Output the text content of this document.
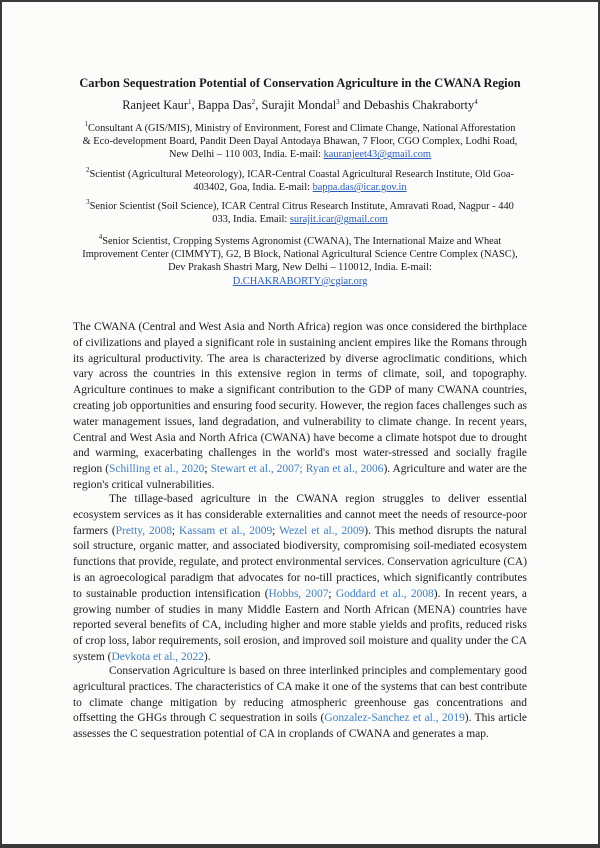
Carbon Sequestration Potential of Conservation Agriculture in the CWANA Region
Ranjeet Kaur$^1$, Bappa Das$^2$, Surajit Mondal$^3$ and Debashis Chakraborty$^4$
$^1$Consultant A (GIS/MIS), Ministry of Environment, Forest and Climate Change, National Afforestation & Eco-development Board, Pandit Deen Dayal Antodaya Bhawan, 7 Floor, CGO Complex, Lodhi Road, New Delhi – 110 003, India. E-mail: kauranjeet43@gmail.com
$^2$Scientist (Agricultural Meteorology), ICAR-Central Coastal Agricultural Research Institute, Old Goa-403402, Goa, India. E-mail: bappa.das@icar.gov.in
$^3$Senior Scientist (Soil Science), ICAR Central Citrus Research Institute, Amravati Road, Nagpur - 440 033, India. Email: surajit.icar@gmail.com
$^4$Senior Scientist, Cropping Systems Agronomist (CWANA), The International Maize and Wheat Improvement Center (CIMMYT), G2, B Block, National Agricultural Science Centre Complex (NASC), Dev Prakash Shastri Marg, New Delhi – 110012, India. E-mail:
D.CHAKRABORTY@cgiar.org

The CWANA (Central and West Asia and North Africa) region was once considered the birthplace of civilizations and played a significant role in sustaining ancient empires like the Romans through its agricultural productivity. The area is characterized by diverse agroclimatic conditions, which vary across the countries in this extensive region in terms of climate, soil, and topography. Agriculture continues to make a significant contribution to the GDP of many CWANA countries, creating job opportunities and ensuring food security. However, the region faces challenges such as water management issues, land degradation, and vulnerability to climate change. In recent years, Central and West Asia and North Africa (CWANA) have become a climate hotspot due to drought and warming, exacerbating challenges in the world's most water-stressed and socially fragile region (Schilling et al., 2020; Stewart et al., 2007; Ryan et al., 2006). Agriculture and water are the region's critical vulnerabilities.

The tillage-based agriculture in the CWANA region struggles to deliver essential ecosystem services as it has considerable externalities and cannot meet the needs of resource-poor farmers (Pretty, 2008; Kassam et al., 2009; Wezel et al., 2009). This method disrupts the natural soil structure, organic matter, and associated biodiversity, compromising soil-mediated ecosystem functions that provide, regulate, and protect environmental services. Conservation agriculture (CA) is an agroecological paradigm that advocates for no-till practices, which significantly contributes to sustainable production intensification (Hobbs, 2007; Goddard et al., 2008). In recent years, a growing number of studies in many Middle Eastern and North African (MENA) countries have reported several benefits of CA, including higher and more stable yields and profits, reduced risks of crop loss, labor requirements, soil erosion, and improved soil moisture and quality under the CA system (Devkota et al., 2022).

Conservation Agriculture is based on three interlinked principles and complementary good agricultural practices. The characteristics of CA make it one of the systems that can best contribute to climate change mitigation by reducing atmospheric greenhouse gas concentrations and offsetting the GHGs through C sequestration in soils (Gonzalez-Sanchez et al., 2019). This article assesses the C sequestration potential of CA in croplands of CWANA and generates a map.
